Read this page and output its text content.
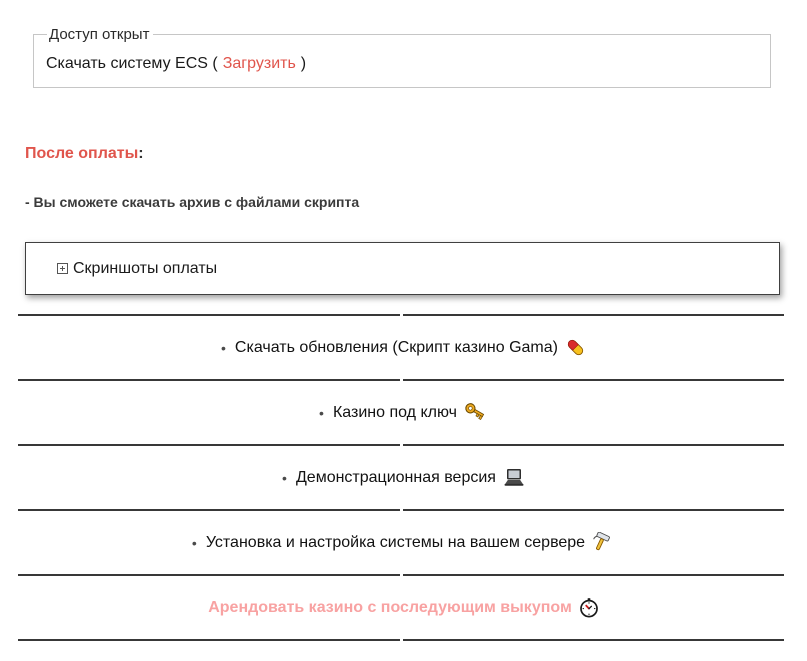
Доступ открыт
Скачать систему ECS ( Загрузить )
После оплаты:
- Вы сможете скачать архив с файлами скрипта
Скриншоты оплаты
• Скачать обновления (Скрипт казино Gama)
• Казино под ключ
• Демонстрационная версия
• Установка и настройка системы на вашем сервере
Арендовать казино с последующим выкупом
